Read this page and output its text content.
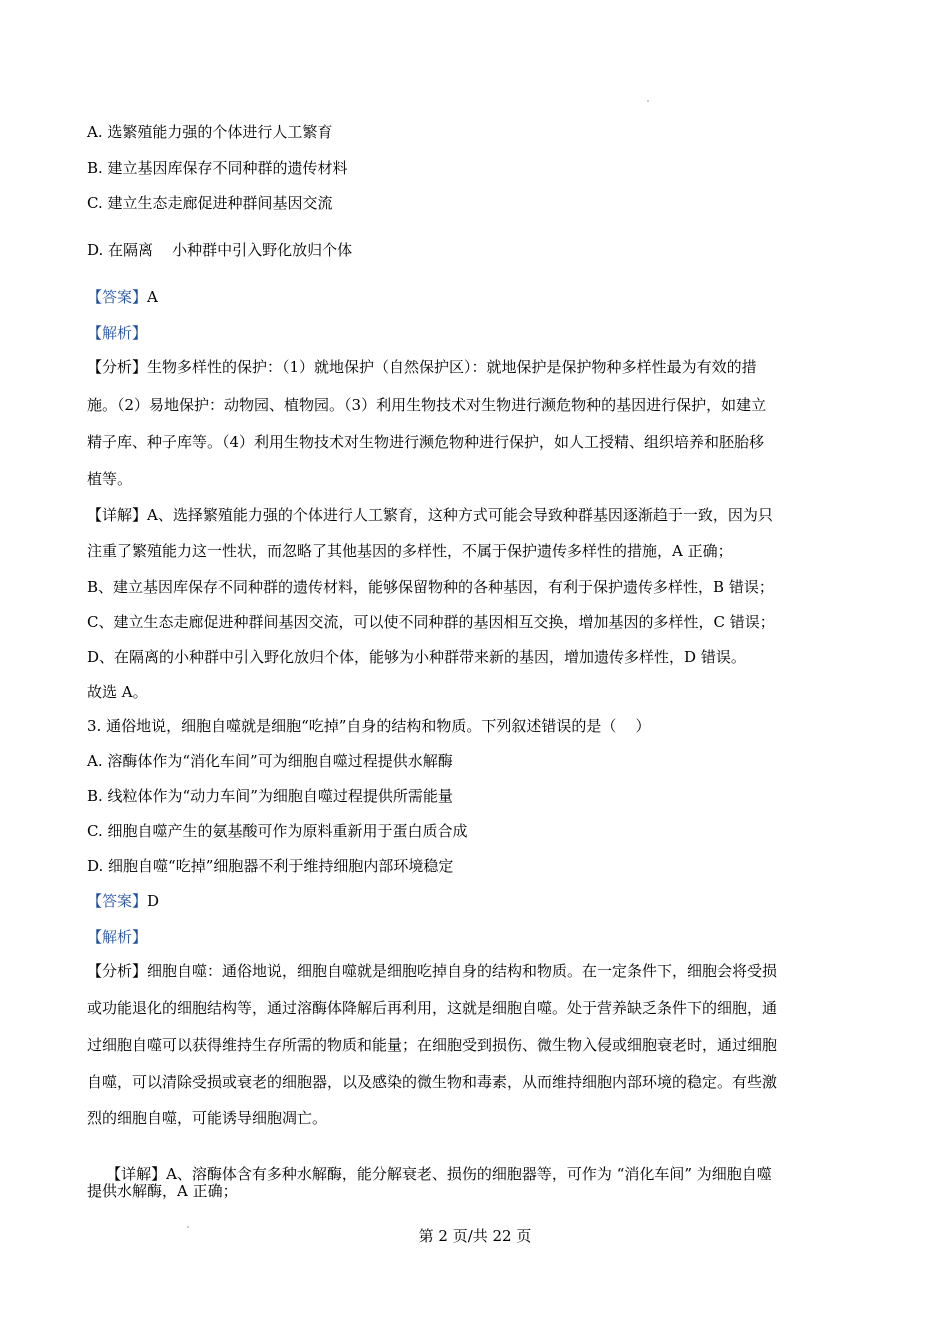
A. 选繁殖能力强的个体进行人工繁育
B. 建立基因库保存不同种群的遗传材料
C. 建立生态走廊促进种群间基因交流
D. 在隔离    小种群中引入野化放归个体
【答案】A
【解析】
【分析】生物多样性的保护：（1）就地保护（自然保护区）：就地保护是保护物种多样性最为有效的措
施。（2）易地保护：动物园、植物园。（3）利用生物技术对生物进行濒危物种的基因进行保护，如建立
精子库、种子库等。（4）利用生物技术对生物进行濒危物种进行保护，如人工授精、组织培养和胚胎移
植等。
【详解】A、选择繁殖能力强的个体进行人工繁育，这种方式可能会导致种群基因逐渐趋于一致，因为只
注重了繁殖能力这一性状，而忽略了其他基因的多样性，不属于保护遗传多样性的措施，A 正确；
B、建立基因库保存不同种群的遗传材料，能够保留物种的各种基因，有利于保护遗传多样性，B 错误；
C、建立生态走廊促进种群间基因交流，可以使不同种群的基因相互交换，增加基因的多样性，C 错误；
D、在隔离的小种群中引入野化放归个体，能够为小种群带来新的基因，增加遗传多样性，D 错误。
故选 A。
3. 通俗地说，细胞自噬就是细胞“吃掉”自身的结构和物质。下列叙述错误的是（    ）
A. 溶酶体作为“消化车间”可为细胞自噬过程提供水解酶
B. 线粒体作为“动力车间”为细胞自噬过程提供所需能量
C. 细胞自噬产生的氨基酸可作为原料重新用于蛋白质合成
D. 细胞自噬“吃掉”细胞器不利于维持细胞内部环境稳定
【答案】D
【解析】
【分析】细胞自噬：通俗地说，细胞自噬就是细胞吃掉自身的结构和物质。在一定条件下，细胞会将受损
或功能退化的细胞结构等，通过溶酶体降解后再利用，这就是细胞自噬。处于营养缺乏条件下的细胞，通
过细胞自噬可以获得维持生存所需的物质和能量；在细胞受到损伤、微生物入侵或细胞衰老时，通过细胞
自噬，可以清除受损或衰老的细胞器，以及感染的微生物和毒素，从而维持细胞内部环境的稳定。有些激
烈的细胞自噬，可能诱导细胞凋亡。

【详解】A、溶酶体含有多种水解酶，能分解衰老、损伤的细胞器等，可作为 “消化车间” 为细胞自噬

提供水解酶，A 正确；
第 2 页/共 22 页
